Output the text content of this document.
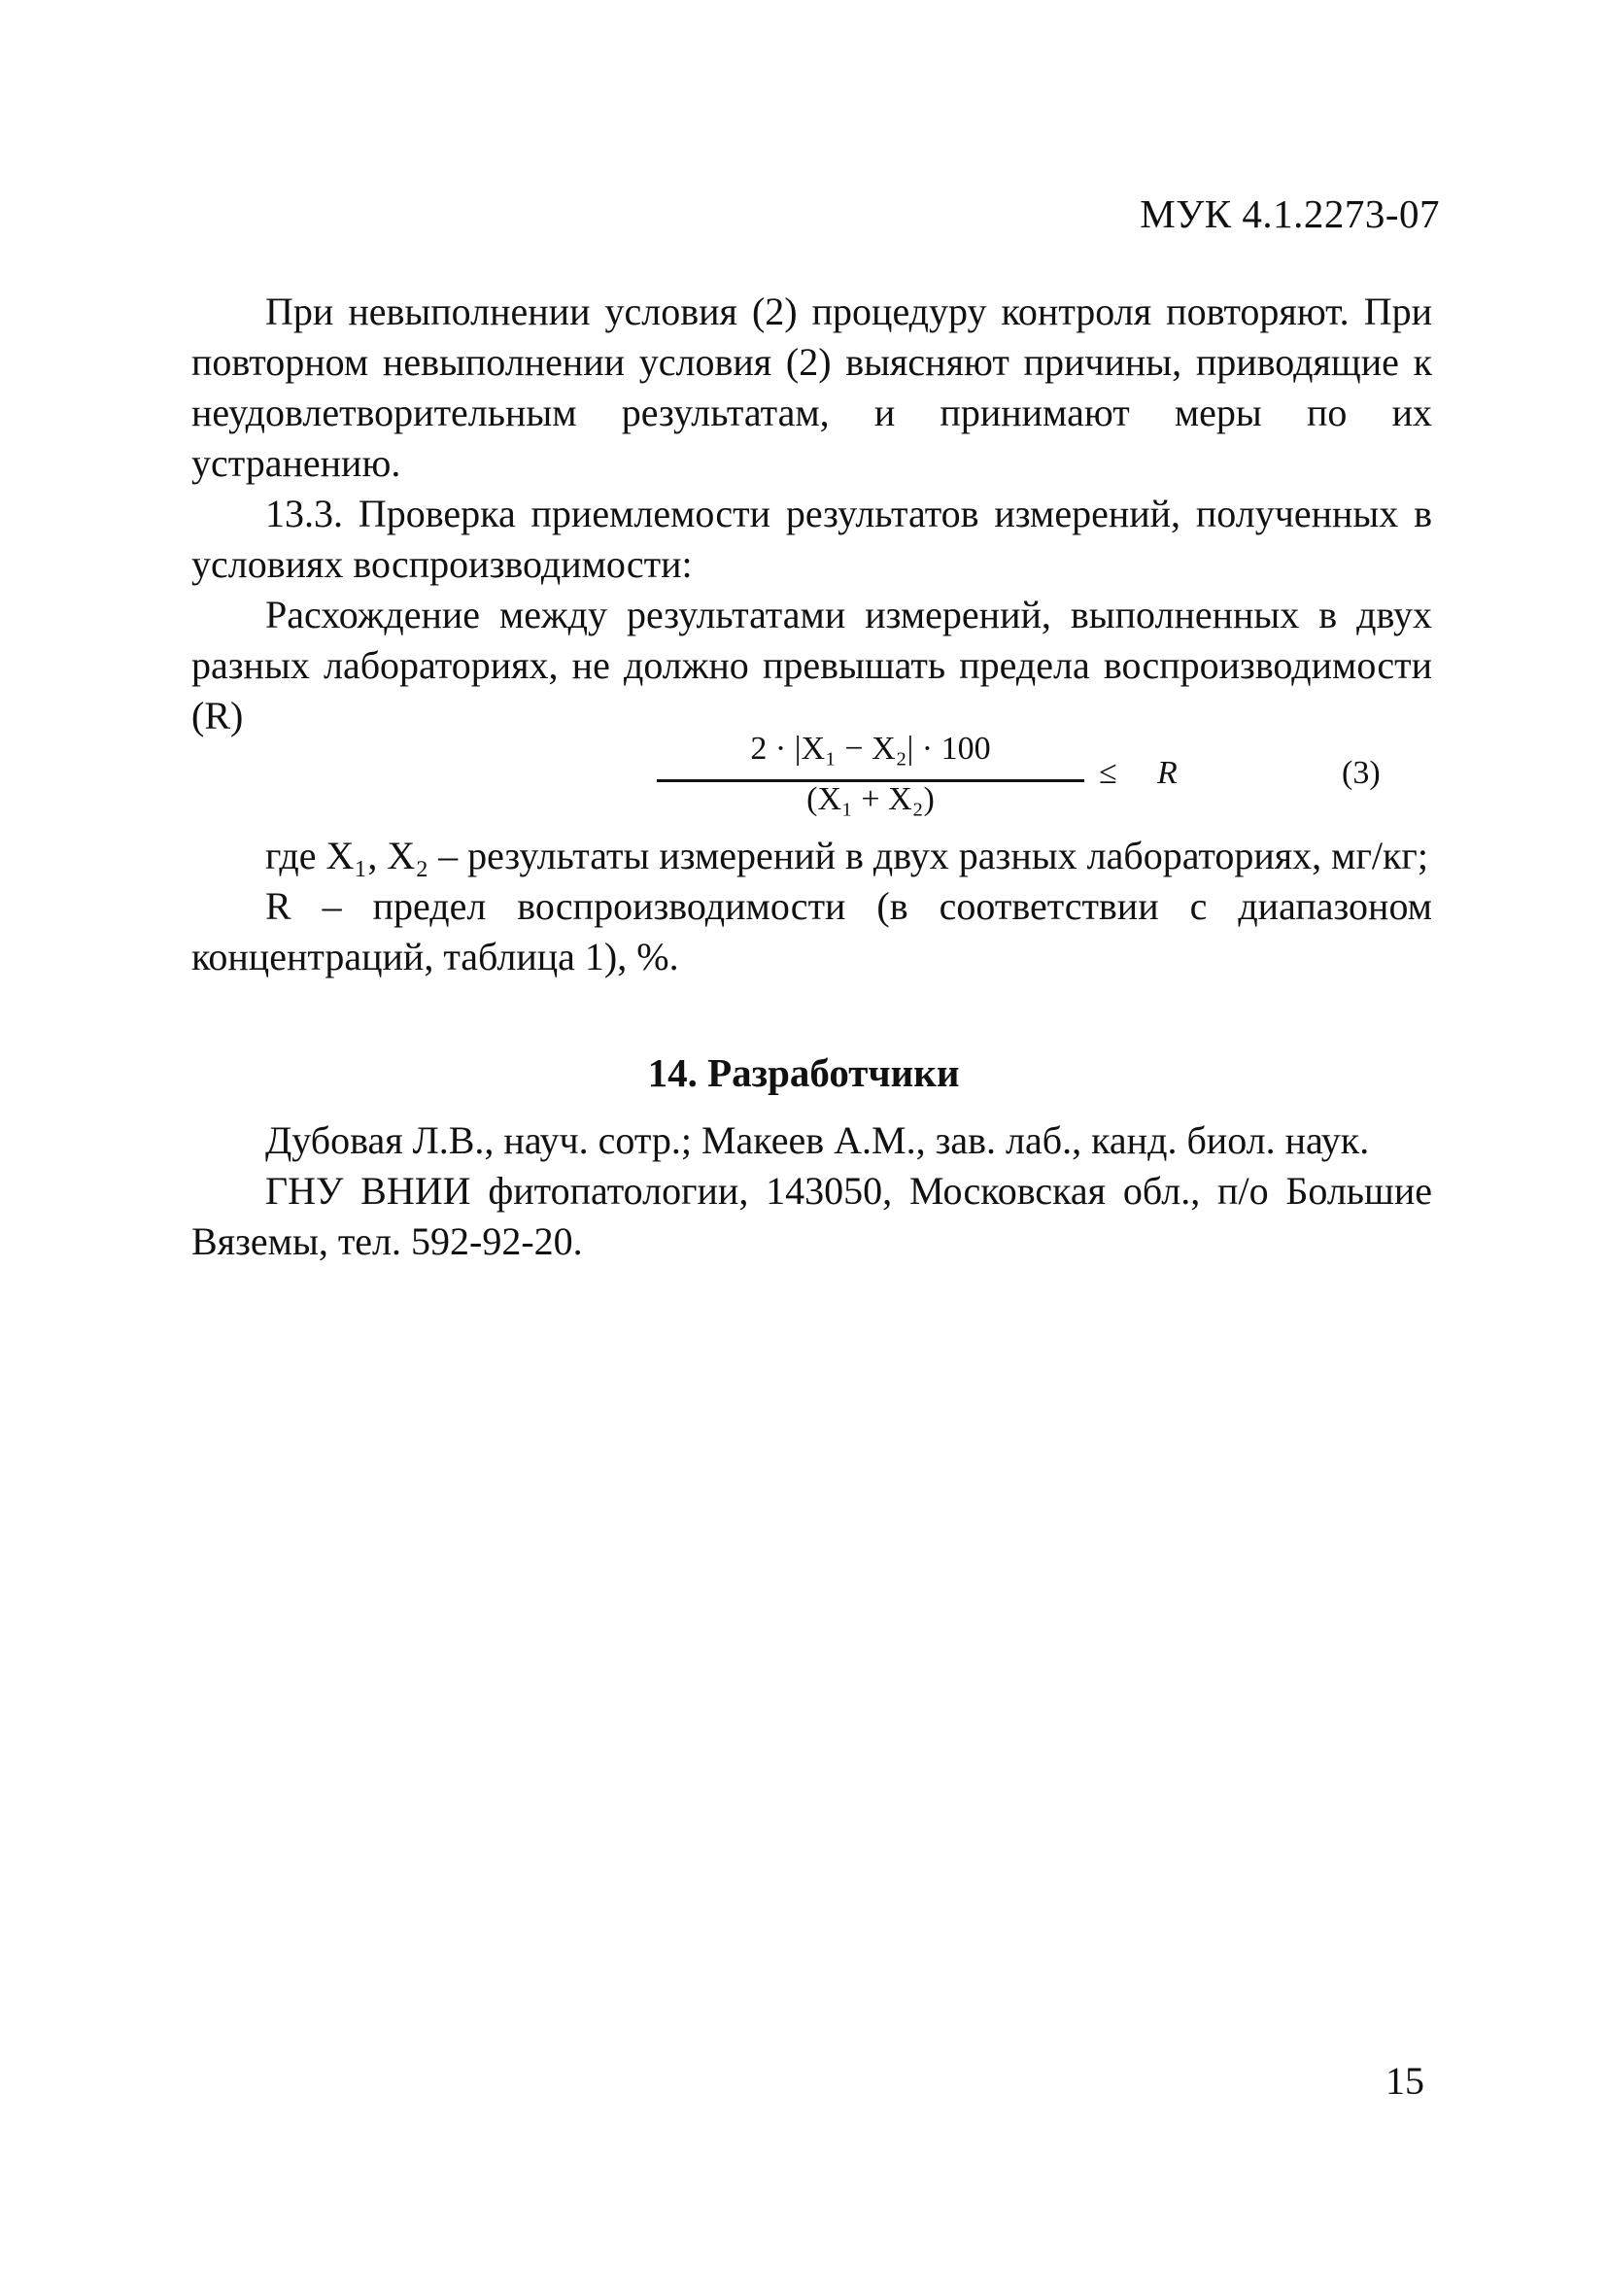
МУК 4.1.2273-07

При невыполнении условия (2) процедуру контроля повторяют. При повторном невыполнении условия (2) выясняют причины, приводящие к неудовлетворительным результатам, и принимают меры по их устранению.

13.3. Проверка приемлемости результатов измерений, полученных в условиях воспроизводимости:

Расхождение между результатами измерений, выполненных в двух разных лабораториях, не должно превышать предела воспроизводимости (R)

2 · |X₁ − X₂| · 100
(X₁ + X₂)
≤ R	(3)

где X₁, X₂ – результаты измерений в двух разных лабораториях, мг/кг;

R – предел воспроизводимости (в соответствии с диапазоном концентраций, таблица 1), %.

14. Разработчики

Дубовая Л.В., науч. сотр.; Макеев А.М., зав. лаб., канд. биол. наук.

ГНУ ВНИИ фитопатологии, 143050, Московская обл., п/о Большие Вяземы, тел. 592-92-20.

15
